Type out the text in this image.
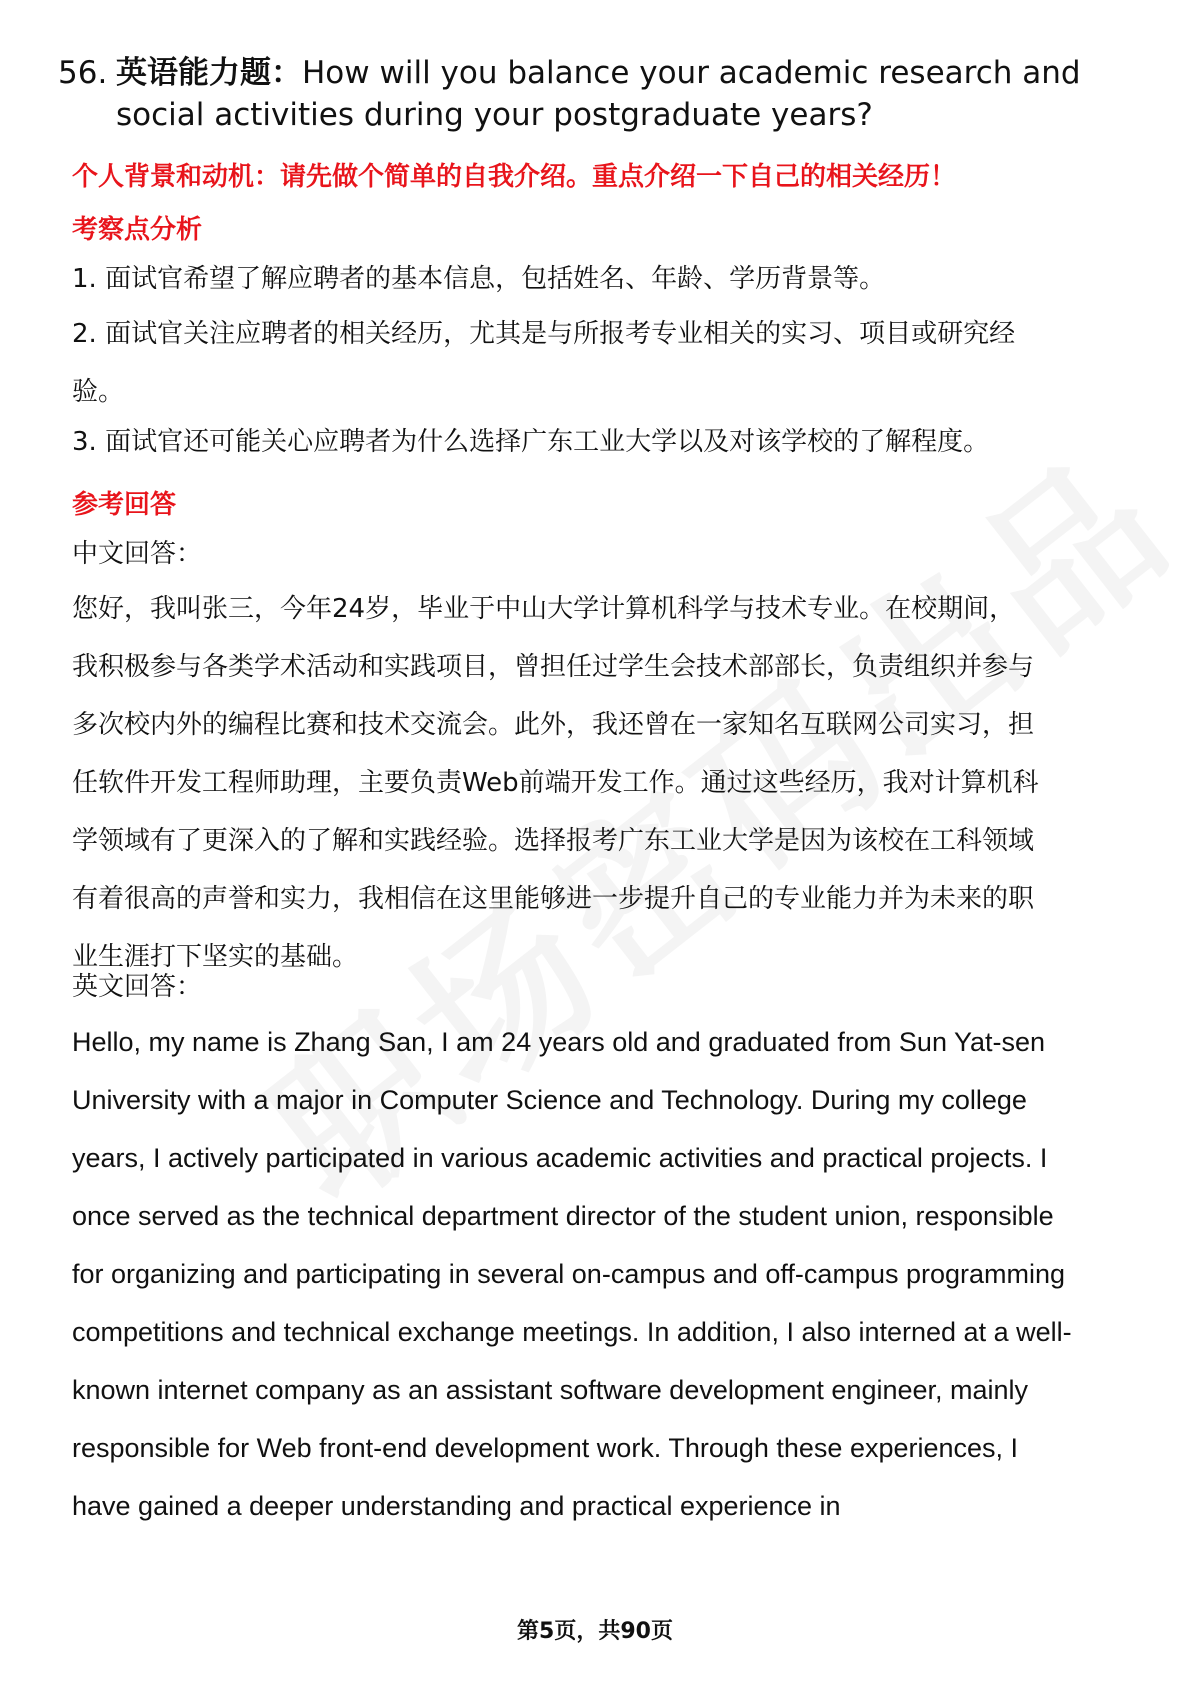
56. 英语能力题：How will you balance your academic research and
social activities during your postgraduate years?
个人背景和动机：请先做个简单的自我介绍。重点介绍一下自己的相关经历！
考察点分析
1. 面试官希望了解应聘者的基本信息，包括姓名、年龄、学历背景等。
2. 面试官关注应聘者的相关经历，尤其是与所报考专业相关的实习、项目或研究经验。
3. 面试官还可能关心应聘者为什么选择广东工业大学以及对该学校的了解程度。
参考回答
中文回答：
您好，我叫张三，今年24岁，毕业于中山大学计算机科学与技术专业。在校期间，我积极参与各类学术活动和实践项目，曾担任过学生会技术部部长，负责组织并参与多次校内外的编程比赛和技术交流会。此外，我还曾在一家知名互联网公司实习，担任软件开发工程师助理，主要负责Web前端开发工作。通过这些经历，我对计算机科学领域有了更深入的了解和实践经验。选择报考广东工业大学是因为该校在工科领域有着很高的声誉和实力，我相信在这里能够进一步提升自己的专业能力并为未来的职业生涯打下坚实的基础。
英文回答：
Hello, my name is Zhang San, I am 24 years old and graduated from Sun Yat-sen University with a major in Computer Science and Technology. During my college years, I actively participated in various academic activities and practical projects. I once served as the technical department director of the student union, responsible for organizing and participating in several on-campus and off-campus programming competitions and technical exchange meetings. In addition, I also interned at a well-known internet company as an assistant software development engineer, mainly responsible for Web front-end development work. Through these experiences, I have gained a deeper understanding and practical experience in
第5页，共90页
